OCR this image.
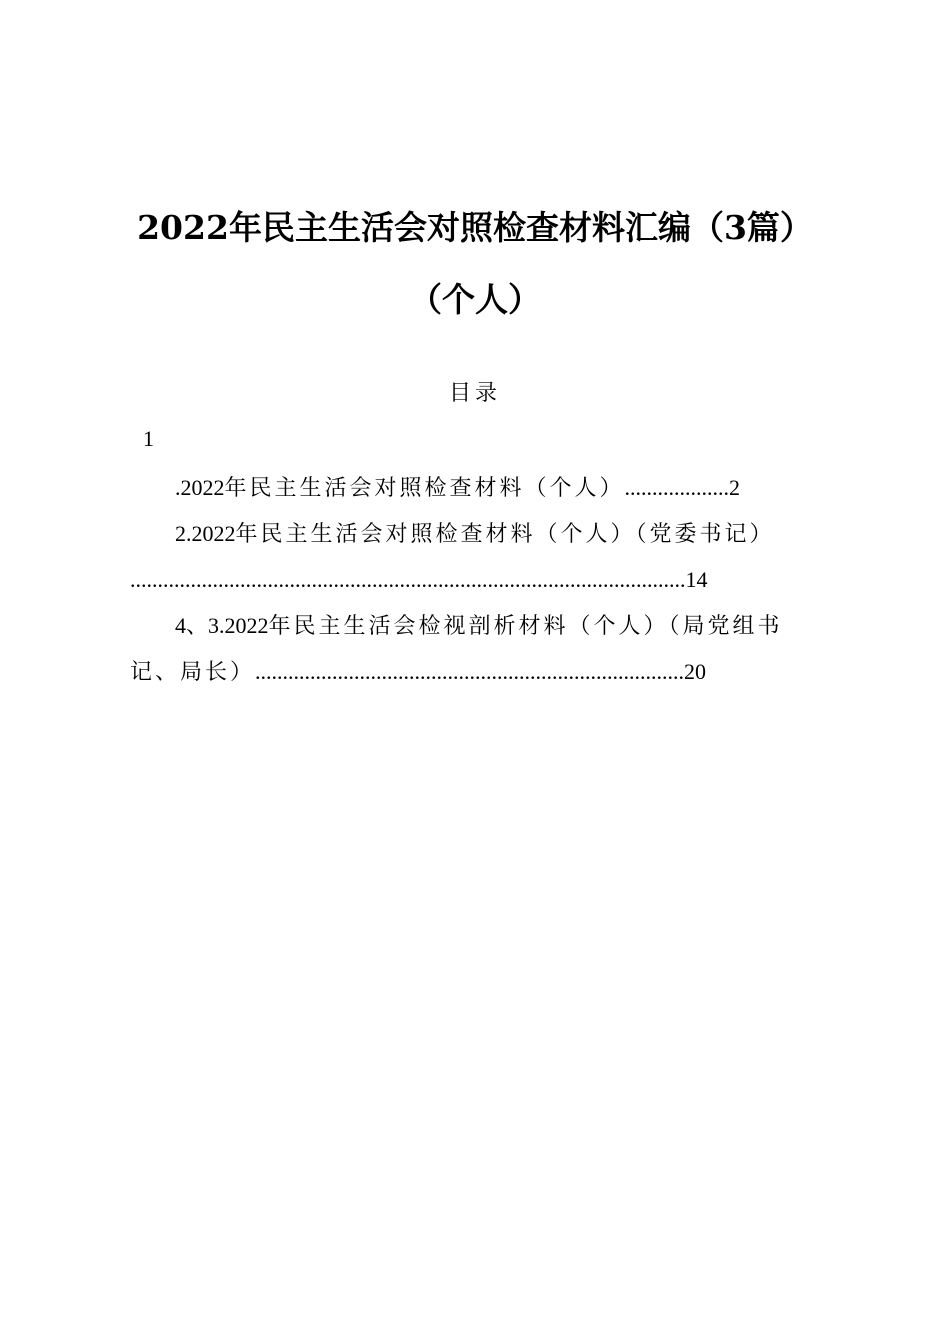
2022年民主生活会对照检查材料汇编（3篇）
（个人）
目录
1
.2022年民主生活会对照检查材料（个人）...................2
2.2022年民主生活会对照检查材料（个人）（党委书记）
.....................................................................................................14
4、3.2022年民主生活会检视剖析材料（个人）（局党组书
记、局长）..............................................................................20
